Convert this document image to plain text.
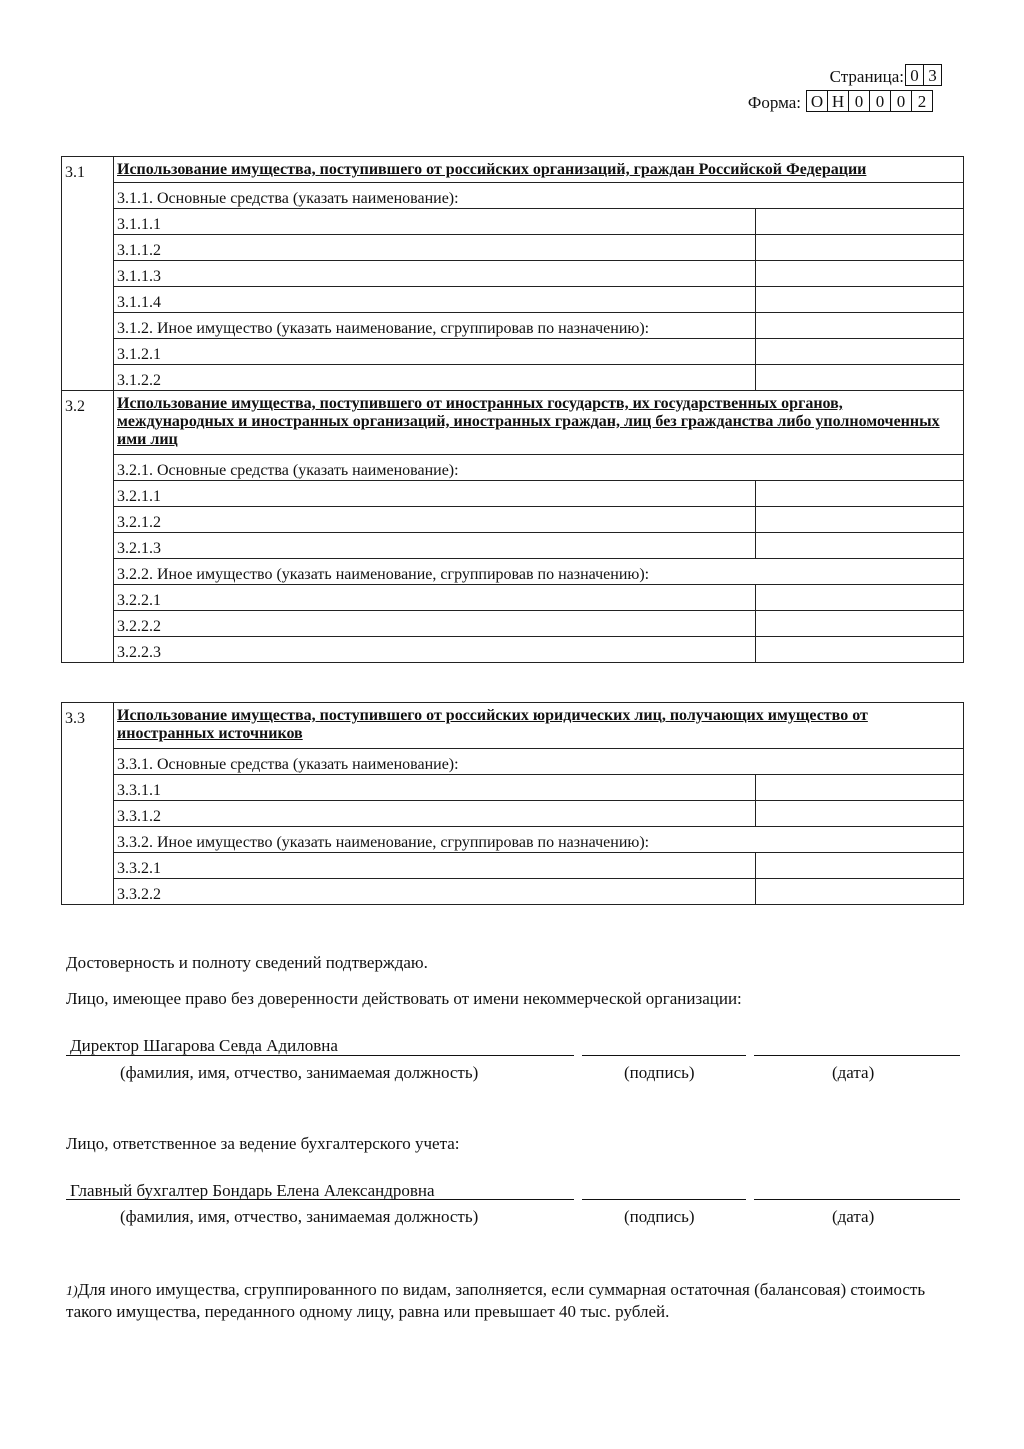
Страница: 0 3
Форма: О Н 0 0 0 2
3.1	Использование имущества, поступившего от российских организаций, граждан Российской Федерации	
	3.1.1. Основные средства (указать наименование):	
	3.1.1.1	
	3.1.1.2	
	3.1.1.3	
	3.1.1.4	
	3.1.2. Иное имущество (указать наименование, сгруппировав по назначению):	
	3.1.2.1	
	3.1.2.2	
3.2	Использование имущества, поступившего от иностранных государств, их государственных органов, международных и иностранных организаций, иностранных граждан, лиц без гражданства либо уполномоченных ими лиц	
	3.2.1. Основные средства (указать наименование):	
	3.2.1.1	
	3.2.1.2	
	3.2.1.3	
	3.2.2. Иное имущество (указать наименование, сгруппировав по назначению):	
	3.2.2.1	
	3.2.2.2	
	3.2.2.3	
3.3	Использование имущества, поступившего от российских юридических лиц, получающих имущество от иностранных источников	
	3.3.1. Основные средства (указать наименование):	
	3.3.1.1	
	3.3.1.2	
	3.3.2. Иное имущество (указать наименование, сгруппировав по назначению):	
	3.3.2.1	
	3.3.2.2	
Достоверность и полноту сведений подтверждаю.
Лицо, имеющее право без доверенности действовать от имени некоммерческой организации:
Директор Шагарова Севда Адиловна
(фамилия, имя, отчество, занимаемая должность)	(подпись)	(дата)
Лицо, ответственное за ведение бухгалтерского учета:
Главный бухгалтер Бондарь Елена Александровна
(фамилия, имя, отчество, занимаемая должность)	(подпись)	(дата)
1)Для иного имущества, сгруппированного по видам, заполняется, если суммарная остаточная (балансовая) стоимость такого имущества, переданного одному лицу, равна или превышает 40 тыс. рублей.
